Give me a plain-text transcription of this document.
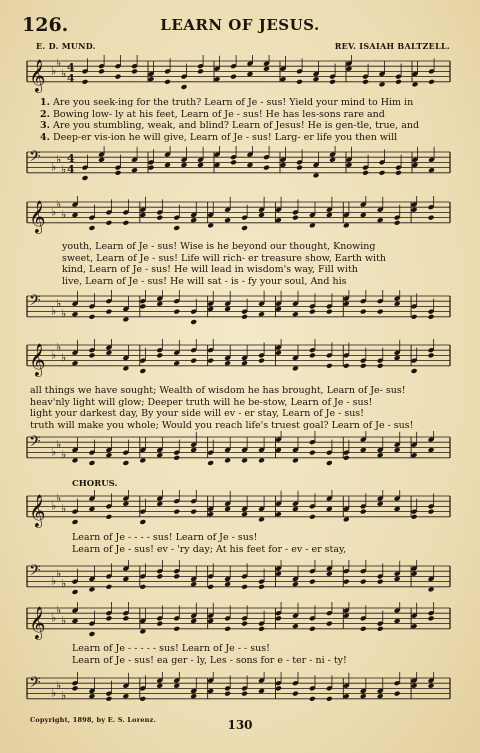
126.	LEARN OF JESUS.
E. D. MUND.	REV. ISAIAH BALTZELL.
𝄞 ♭
♭
♭ 4
4
𝄢 ♭
♭
♭
4
4
𝄞 ♭
♭
♭
𝄢 ♭
♭
♭
𝄞 ♭
♭
♭
𝄢 ♭
♭
♭
𝄞 ♭
♭
♭
𝄢 ♭
♭
♭
𝄞 ♭
♭
♭
𝄢 ♭
♭
♭
1. Are you seek-ing for the truth? Learn of Je - sus! Yield your mind to Him in
2. Bowing low- ly at his feet, Learn of Je - sus! He has les-sons rare and
3. Are you stumbling, weak, and blind? Learn of Jesus! He is gen-tle, true, and
4. Deep-er vis-ion he will give, Learn of Je - sus! Larg- er life you then will
youth, Learn of Je - sus! Wise is he beyond our thought, Knowing
sweet, Learn of Je - sus! Life will rich- er treasure show, Earth with
kind, Learn of Je - sus! He will lead in wisdom's way, Fill with
live, Learn of Je - sus! He will sat - is - fy your soul, And his
all things we have sought; Wealth of wisdom he has brought, Learn of Je- sus!
heav'nly light will glow; Deeper truth will he be-stow, Learn of Je - sus!
light your darkest day, By your side will ev - er stay, Learn of Je - sus!
truth will make you whole; Would you reach life's truest goal? Learn of Je - sus!
CHORUS.
Learn of Je - - - - sus! Learn of Je - sus!
Learn of Je - sus! ev - 'ry day; At his feet for - ev - er stay,
Learn of Je - - - - - sus! Learn of Je - - sus!
Learn of Je - sus! ea ger - ly, Les - sons for e - ter - ni - ty!
Copyright, 1898, by E. S. Lorenz.	130
